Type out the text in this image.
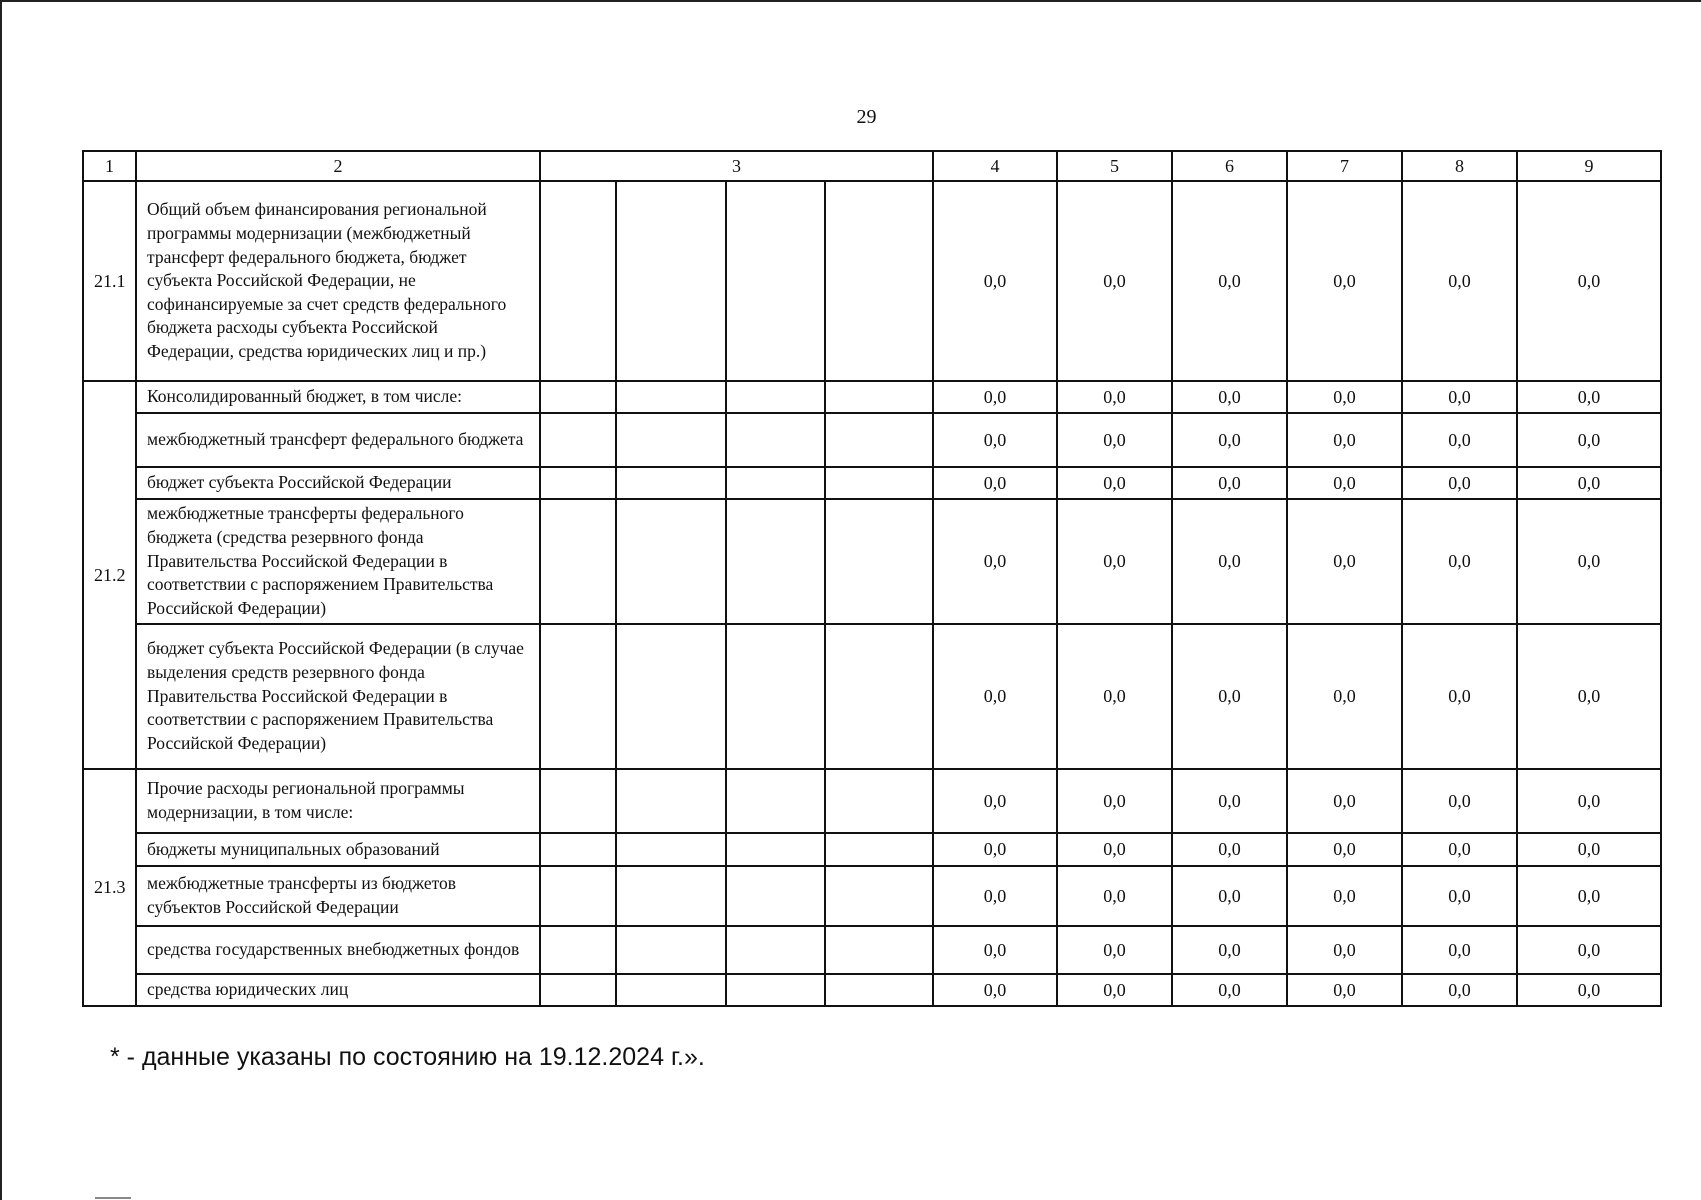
29
1	2	3				4	5	6	7	8	9
21.1	Общий объем финансирования региональной программы модернизации (межбюджетный трансферт федерального бюджета, бюджет субъекта Российской Федерации, не софинансируемые за счет средств федерального бюджета расходы субъекта Российской Федерации, средства юридических лиц и пр.)					0,0	0,0	0,0	0,0	0,0	0,0
21.2	Консолидированный бюджет, в том числе:					0,0	0,0	0,0	0,0	0,0	0,0
	межбюджетный трансферт федерального бюджета					0,0	0,0	0,0	0,0	0,0	0,0
	бюджет субъекта Российской Федерации					0,0	0,0	0,0	0,0	0,0	0,0
	межбюджетные трансферты федерального бюджета (средства резервного фонда Правительства Российской Федерации в соответствии с распоряжением Правительства Российской Федерации)					0,0	0,0	0,0	0,0	0,0	0,0
	бюджет субъекта Российской Федерации (в случае выделения средств резервного фонда Правительства Российской Федерации в соответствии с распоряжением Правительства Российской Федерации)					0,0	0,0	0,0	0,0	0,0	0,0
21.3	Прочие расходы региональной программы модернизации, в том числе:					0,0	0,0	0,0	0,0	0,0	0,0
	бюджеты муниципальных образований					0,0	0,0	0,0	0,0	0,0	0,0
	межбюджетные трансферты из бюджетов субъектов Российской Федерации					0,0	0,0	0,0	0,0	0,0	0,0
	средства государственных внебюджетных фондов					0,0	0,0	0,0	0,0	0,0	0,0
	средства юридических лиц					0,0	0,0	0,0	0,0	0,0	0,0
* - данные указаны по состоянию на 19.12.2024 г.».
